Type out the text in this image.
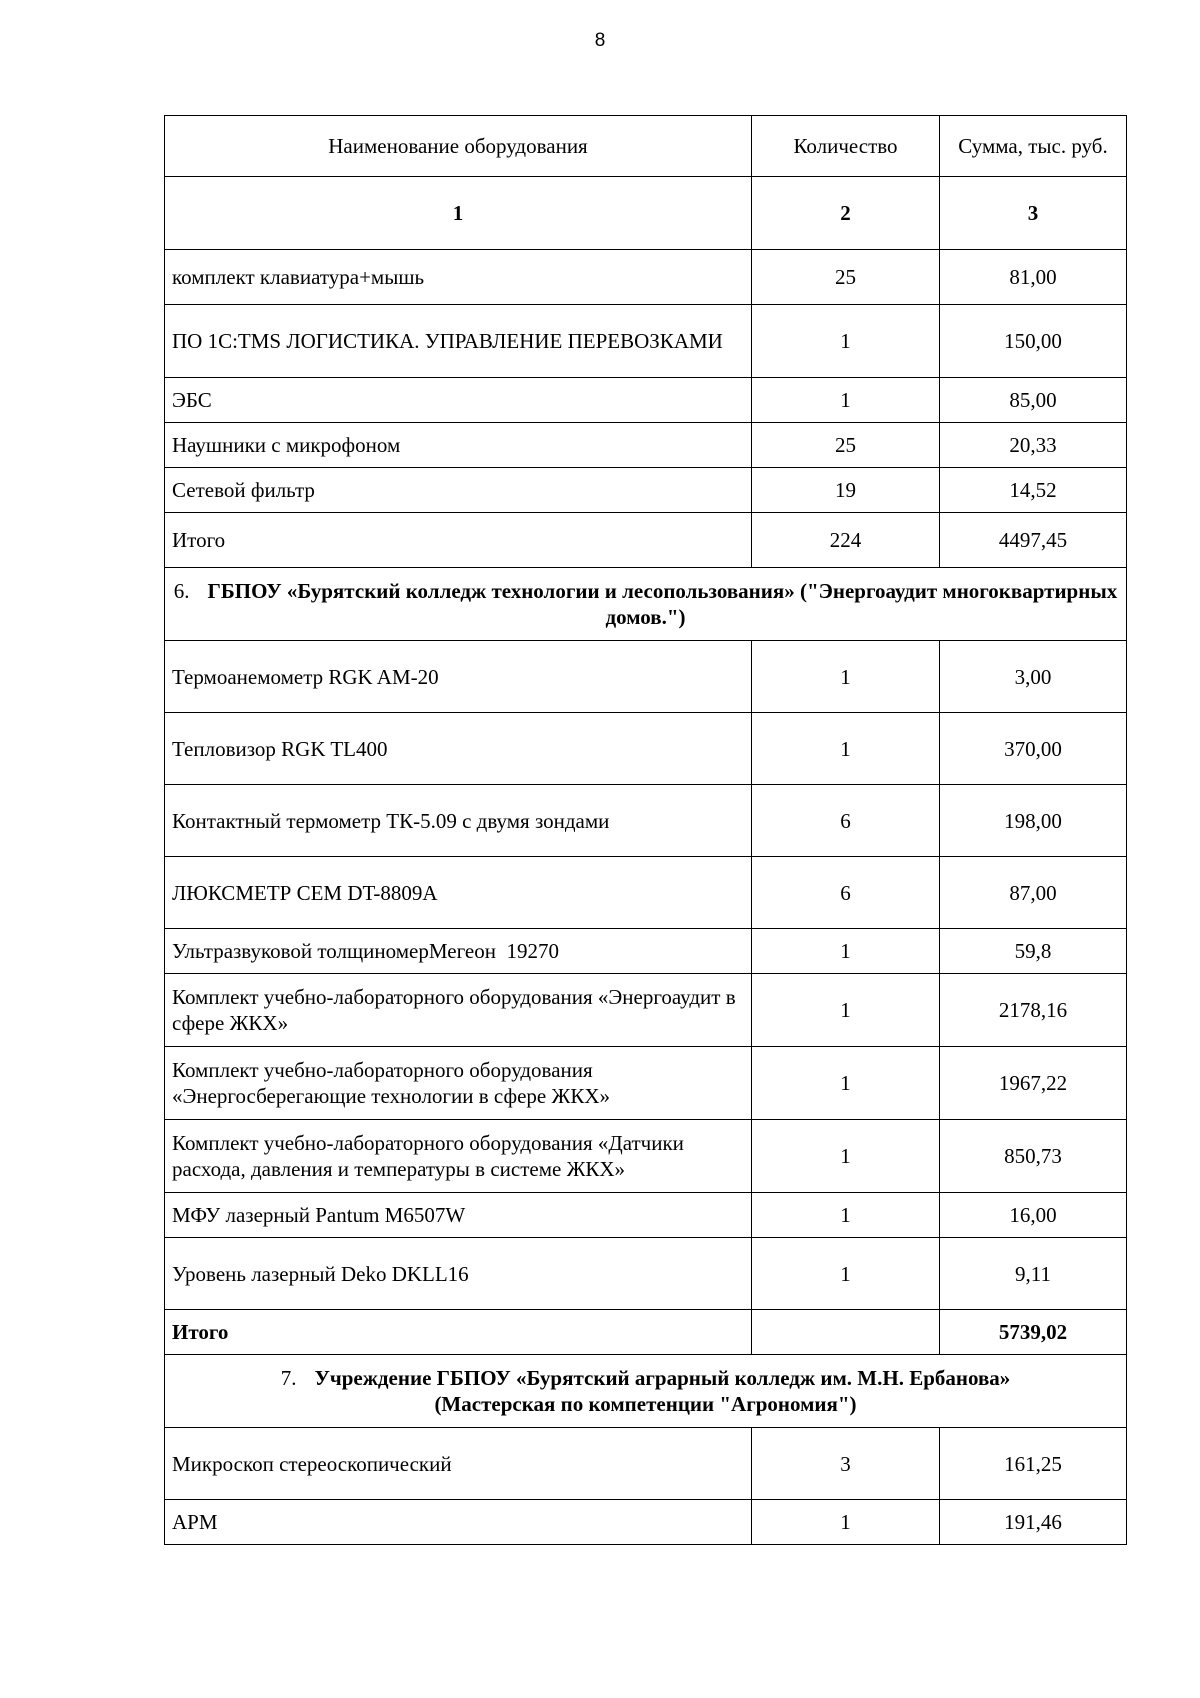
8
Наименование оборудования	Количество	Сумма, тыс. руб.
1	2	3
комплект клавиатура+мышь	25	81,00
ПО 1С:TMS ЛОГИСТИКА. УПРАВЛЕНИЕ ПЕРЕВОЗКАМИ	1	150,00
ЭБС	1	85,00
Наушники с микрофоном	25	20,33
Сетевой фильтр	19	14,52
Итого	224	4497,45
6. ГБПОУ «Бурятский колледж технологии и лесопользования» ("Энергоаудит многоквартирных домов.")		
Термоанемометр RGK AM-20	1	3,00
Тепловизор RGK TL400	1	370,00
Контактный термометр ТК-5.09 с двумя зондами	6	198,00
ЛЮКСМЕТР CEM DT-8809A	6	87,00
Ультразвуковой толщиномерМегеон  19270	1	59,8
Комплект учебно-лабораторного оборудования «Энергоаудит в сфере ЖКХ»	1	2178,16
Комплект учебно-лабораторного оборудования «Энергосберегающие технологии в сфере ЖКХ»	1	1967,22
Комплект учебно-лабораторного оборудования «Датчики расхода, давления и температуры в системе ЖКХ»	1	850,73
МФУ лазерный Pantum M6507W	1	16,00
Уровень лазерный Deko DKLL16	1	9,11
Итого		5739,02
7. Учреждение ГБПОУ «Бурятский аграрный колледж им. М.Н. Ербанова»
(Мастерская по компетенции "Агрономия")		
Микроскоп стереоскопический	3	161,25
АРМ	1	191,46
